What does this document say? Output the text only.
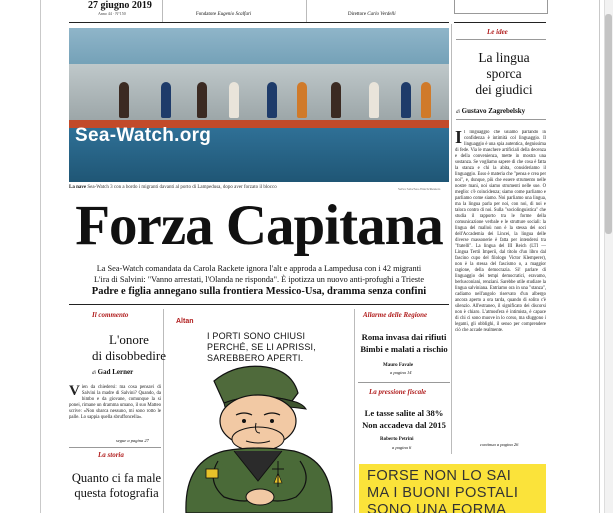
27 giugno 2019
Anno 44 · N°150	Fondatore Eugenio Scalfari	Direttore Carlo Verdelli
Sea-Watch.org
La nave Sea-Watch 3 con a bordo i migranti davanti al porto di Lampedusa, dopo aver forzato il blocco	Selva Sala/Sea-Watch/Reuters
Forza Capitana
La Sea-Watch comandata da Carola Rackete ignora l'alt e approda a Lampedusa con i 42 migranti
L'ira di Salvini: "Vanno arrestati, l'Olanda ne risponda". È ipotizza un nuovo anti-profughi a Trieste
Padre e figlia annegano sulla frontiera Messico-Usa, dramma senza confini
Le idee
La lingua
sporca
dei giudici
di Gustavo Zagrebelsky
Il linguaggio che usiamo parlando in confidenza è intimità col linguaggio. Il linguaggio è una spia autentica, degnissima di fede. Via le maschere artificiali della decenza e della convenienza, mette in mostra una sostanza. Se vogliamo sapere di che cosa è fatta la stanza e chi la abita, consideriamo il linguaggio. Esso è materia che "pensa e crea per noi", e, dunque, più che essere strumento nelle nostre mani, noi siamo strumenti nelle sue. O meglio: c'è coincidenza; siamo come parliamo e parliamo come siamo. Noi parliamo una lingua, ma la lingua parla per noi, con noi, di noi e talora contro di noi. Sulla "sociolinguistica" che studia il rapporto tra le forme della comunicazione verbale e le strutture sociali: la lingua del malloù non è la stessa dei soci dell'Accademia dei Lincei, la lingua delle diverse massonerie è fatta per intendersi tra "fratelli". La lingua del III Reich (LTI — Lingua Tertii Imperii, dal titolo d'un libro dal fascino cupo del filologo Victor Klemperer), non è la stessa del fascismo o, a maggior ragione, della democrazia. Sì! parlare di linguaggio dei tempi democratici, eravamo, berlusconiani, renziani. Sarebbe utile studiare la lingua salviniana. Entriamo ora in una "stanza", cadiamo nell'angolo riservato d'un albergo ancora aperto a ora tarda, quando di solito c'è silenzio. All'estraneo, il significato dei discorsi non è chiaro. L'atmosfera è intimista, è capace di chi ci sono muove in lo corso, ma sfuggono i legami, gli obblighi, il senso per comprendere ciò che accade realmente.
continua a pagina 26
Il commento
L'onore
di disobbedire
di Gad Lerner
Vien da chiedersi: ma cosa pensavi di Salvini la madre di Salvini? Quando, da bimbo e da giovane, comunque la si ponei, rimane un dramma umano, il suo Matteo scrive: «Non sbarca nessuno, mi sono rotto le palle. Lo sappia quella sbruffoncella».
segue a pagina 27
La storia
Quanto ci fa male
questa fotografia
Altan
I PORTI SONO CHIUSI
PERCHÉ, SE LI APRISSI,
SAREBBERO APERTI.
Allarme delle Regione
Roma invasa dai rifiuti
Bimbi e malati a rischio
Mauro Favale
a pagina 14
La pressione fiscale
Le tasse salite al 38%
Non accadeva dal 2015
Roberto Petrini
a pagina 6
FORSE NON LO SAI
MA I BUONI POSTALI
SONO UNA FORMA
